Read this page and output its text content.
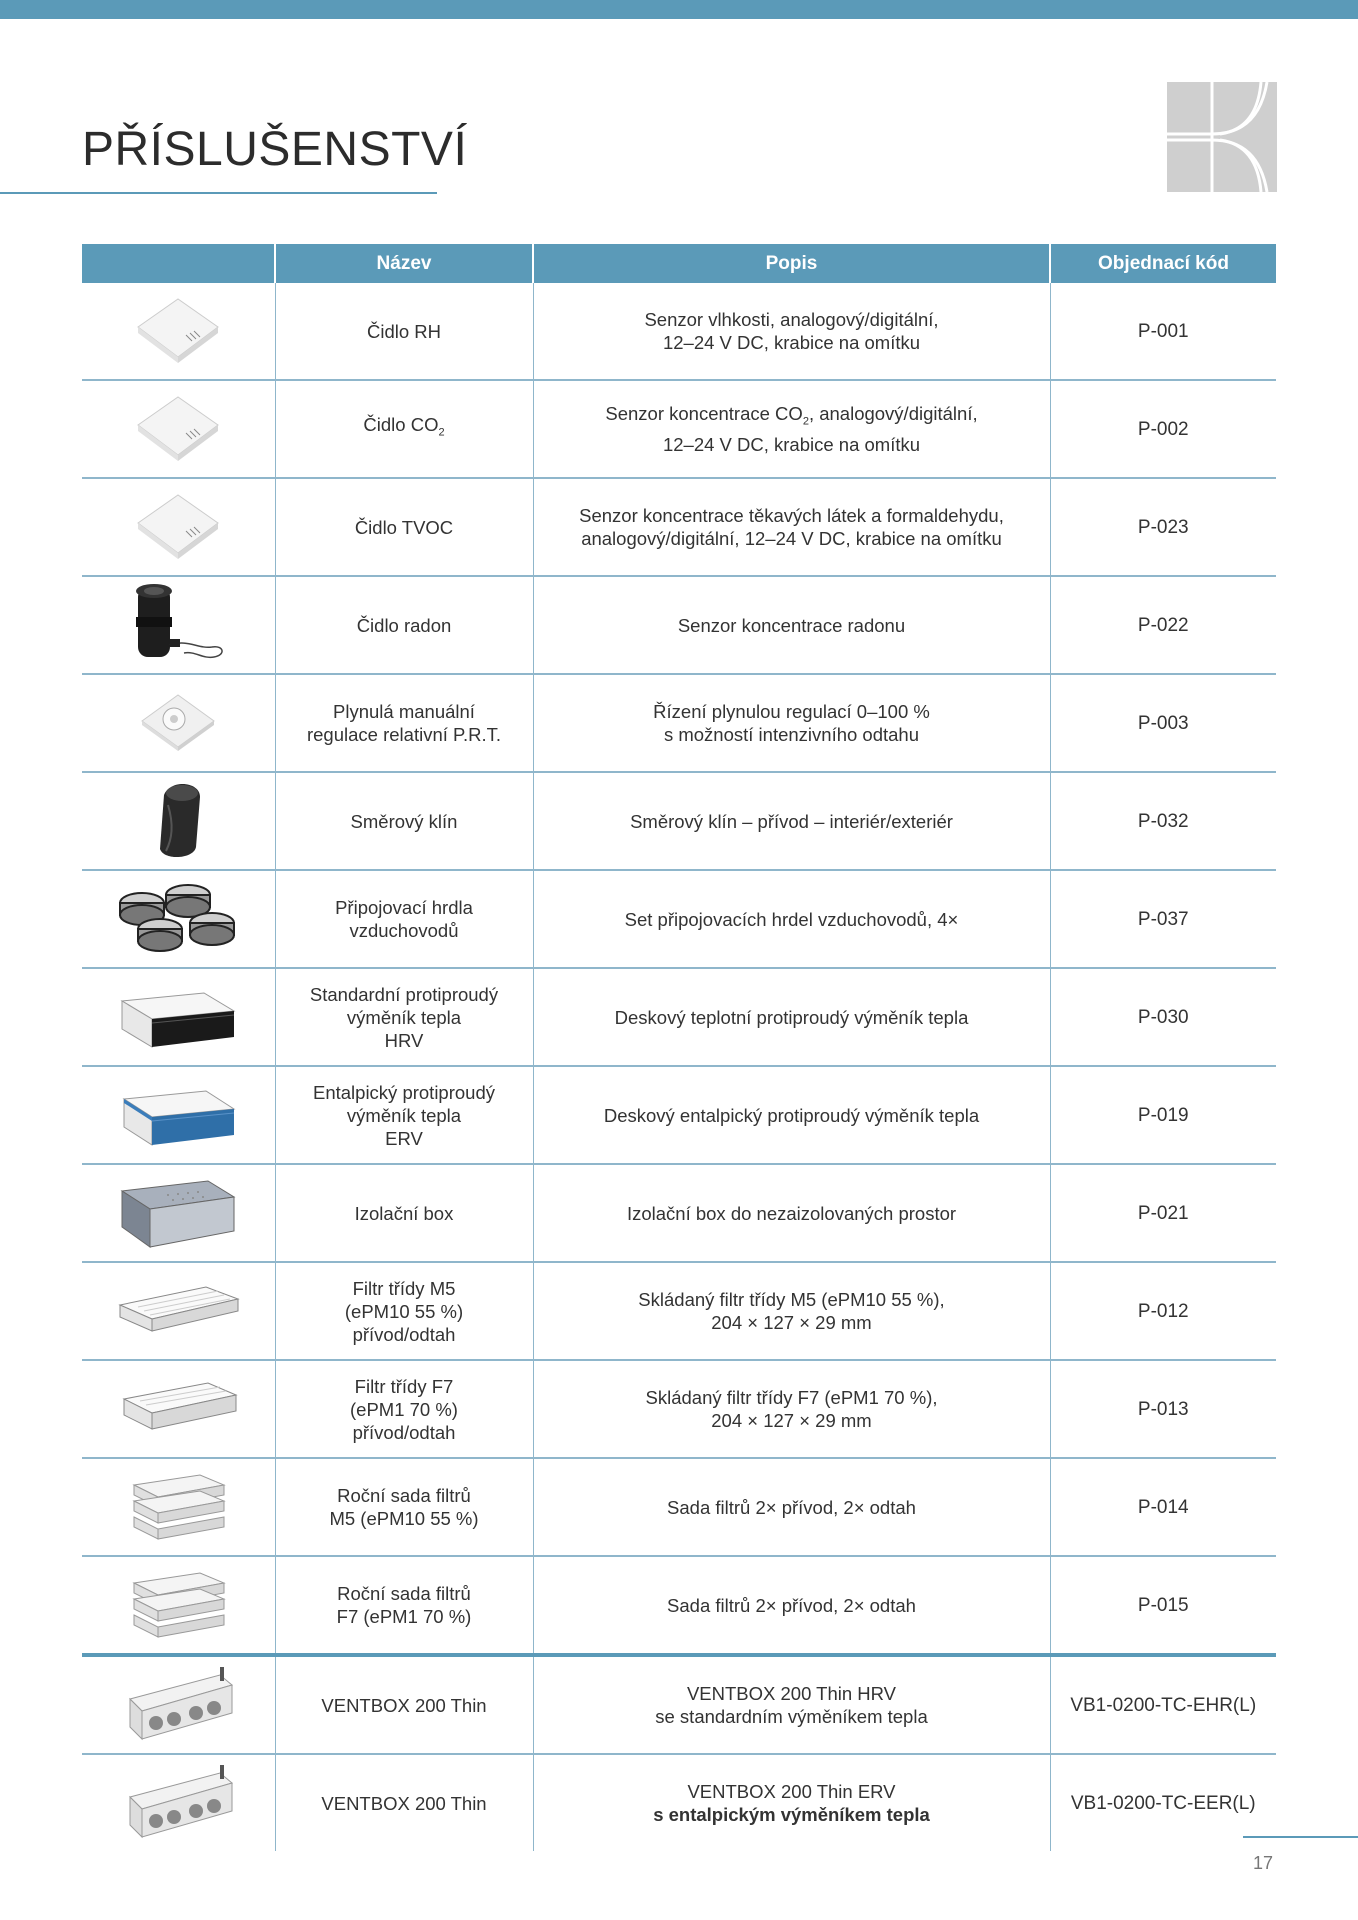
PŘÍSLUŠENSTVÍ
	Název	Popis	Objednací kód
	Čidlo RH	Senzor vlhkosti, analogový/digitální,
12–24 V DC, krabice na omítku	P-001
	Čidlo $CO_2$	Senzor koncentrace $CO_2$, analogový/digitální,
12–24 V DC, krabice na omítku	P-002
	Čidlo TVOC	Senzor koncentrace těkavých látek a formaldehydu,
analogový/digitální, 12–24 V DC, krabice na omítku	P-023
	Čidlo radon	Senzor koncentrace radonu	P-022
	Plynulá manuální
regulace relativní P.R.T.	Řízení plynulou regulací 0–100 %
s možností intenzivního odtahu	P-003
	Směrový klín	Směrový klín – přívod – interiér/exteriér	P-032
	Připojovací hrdla
vzduchovodů	Set připojovacích hrdel vzduchovodů, 4×	P-037
	Standardní protiproudý
výměník tepla
HRV	Deskový teplotní protiproudý výměník tepla	P-030
	Entalpický protiproudý
výměník tepla
ERV	Deskový entalpický protiproudý výměník tepla	P-019
	Izolační box	Izolační box do nezaizolovaných prostor	P-021
	Filtr třídy M5
(ePM10 55 %)
přívod/odtah	Skládaný filtr třídy M5 (ePM10 55 %),
204 × 127 × 29 mm	P-012
	Filtr třídy F7
(ePM1 70 %)
přívod/odtah	Skládaný filtr třídy F7 (ePM1 70 %),
204 × 127 × 29 mm	P-013
	Roční sada filtrů
M5 (ePM10 55 %)	Sada filtrů 2× přívod, 2× odtah	P-014
	Roční sada filtrů
F7 (ePM1 70 %)	Sada filtrů 2× přívod, 2× odtah	P-015
	VENTBOX 200 Thin	VENTBOX 200 Thin HRV
se standardním výměníkem tepla	VB1-0200-TC-EHR(L)
	VENTBOX 200 Thin	VENTBOX 200 Thin ERV
s entalpickým výměníkem tepla	VB1-0200-TC-EER(L)
17
